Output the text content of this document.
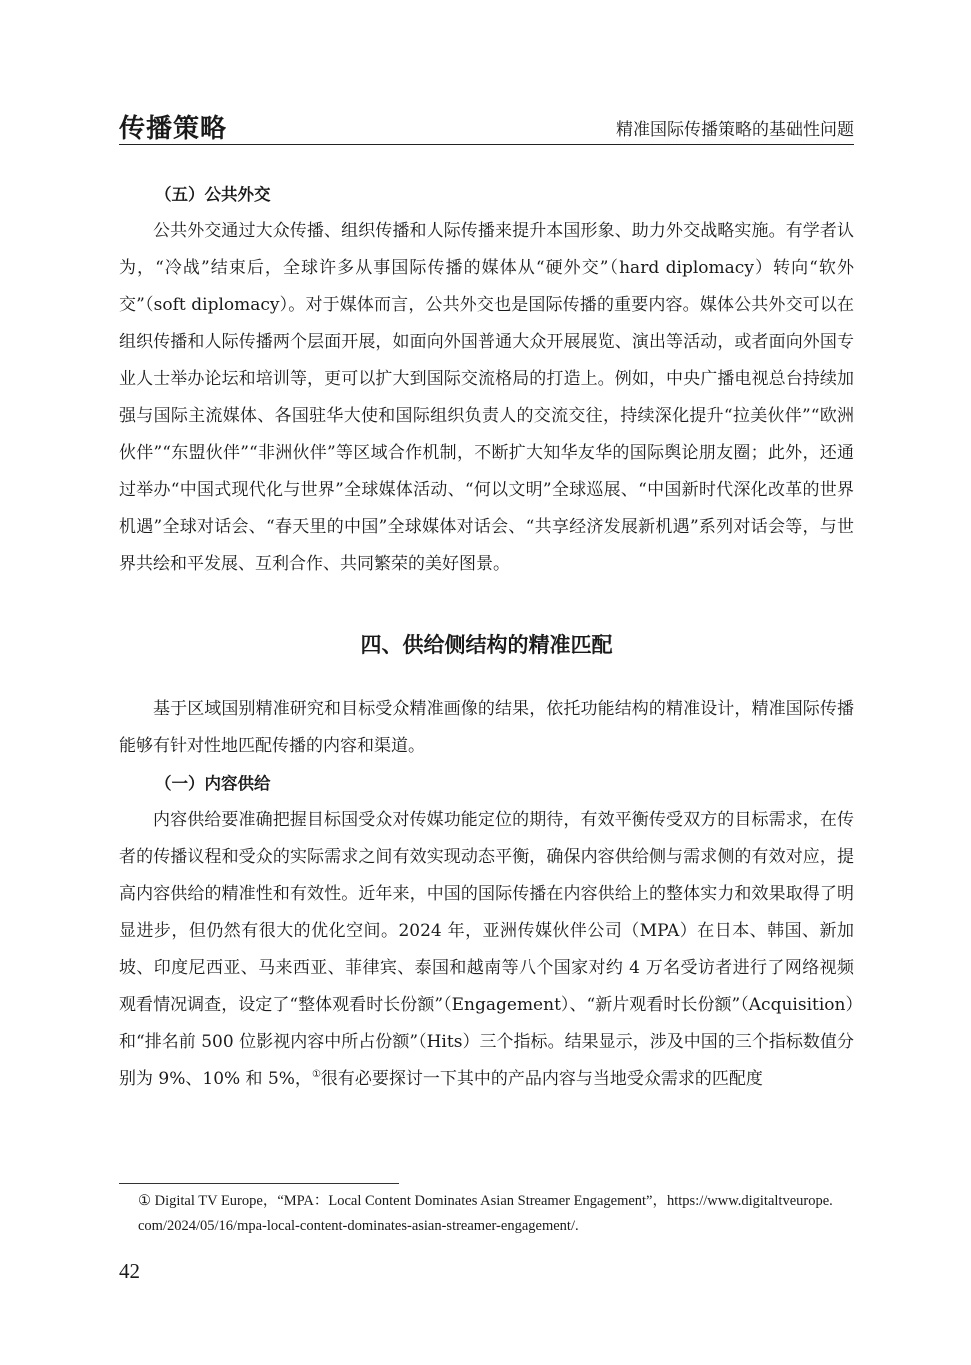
传播策略	精准国际传播策略的基础性问题
（五）公共外交

公共外交通过大众传播、组织传播和人际传播来提升本国形象、助力外交战略实施。有学者认为，“冷战”结束后，全球许多从事国际传播的媒体从“硬外交”（hard diplomacy）转向“软外交”（soft diplomacy）。对于媒体而言，公共外交也是国际传播的重要内容。媒体公共外交可以在组织传播和人际传播两个层面开展，如面向外国普通大众开展展览、演出等活动，或者面向外国专业人士举办论坛和培训等，更可以扩大到国际交流格局的打造上。例如，中央广播电视总台持续加强与国际主流媒体、各国驻华大使和国际组织负责人的交流交往，持续深化提升“拉美伙伴”“欧洲伙伴”“东盟伙伴”“非洲伙伴”等区域合作机制，不断扩大知华友华的国际舆论朋友圈；此外，还通过举办“中国式现代化与世界”全球媒体活动、“何以文明”全球巡展、“中国新时代深化改革的世界机遇”全球对话会、“春天里的中国”全球媒体对话会、“共享经济发展新机遇”系列对话会等，与世界共绘和平发展、互利合作、共同繁荣的美好图景。

四、供给侧结构的精准匹配

基于区域国别精准研究和目标受众精准画像的结果，依托功能结构的精准设计，精准国际传播能够有针对性地匹配传播的内容和渠道。

（一）内容供给

内容供给要准确把握目标国受众对传媒功能定位的期待，有效平衡传受双方的目标需求，在传者的传播议程和受众的实际需求之间有效实现动态平衡，确保内容供给侧与需求侧的有效对应，提高内容供给的精准性和有效性。近年来，中国的国际传播在内容供给上的整体实力和效果取得了明显进步，但仍然有很大的优化空间。2024 年，亚洲传媒伙伴公司（MPA）在日本、韩国、新加坡、印度尼西亚、马来西亚、菲律宾、泰国和越南等八个国家对约 4 万名受访者进行了网络视频观看情况调查，设定了“整体观看时长份额”（Engagement）、“新片观看时长份额”（Acquisition）和“排名前 500 位影视内容中所占份额”（Hits）三个指标。结果显示，涉及中国的三个指标数值分别为 9%、10% 和 5%，①很有必要探讨一下其中的产品内容与当地受众需求的匹配度

① Digital TV Europe，“MPA：Local Content Dominates Asian Streamer Engagement”，https://www.digitaltveurope.com/2024/05/16/mpa-local-content-dominates-asian-streamer-engagement/.
42
